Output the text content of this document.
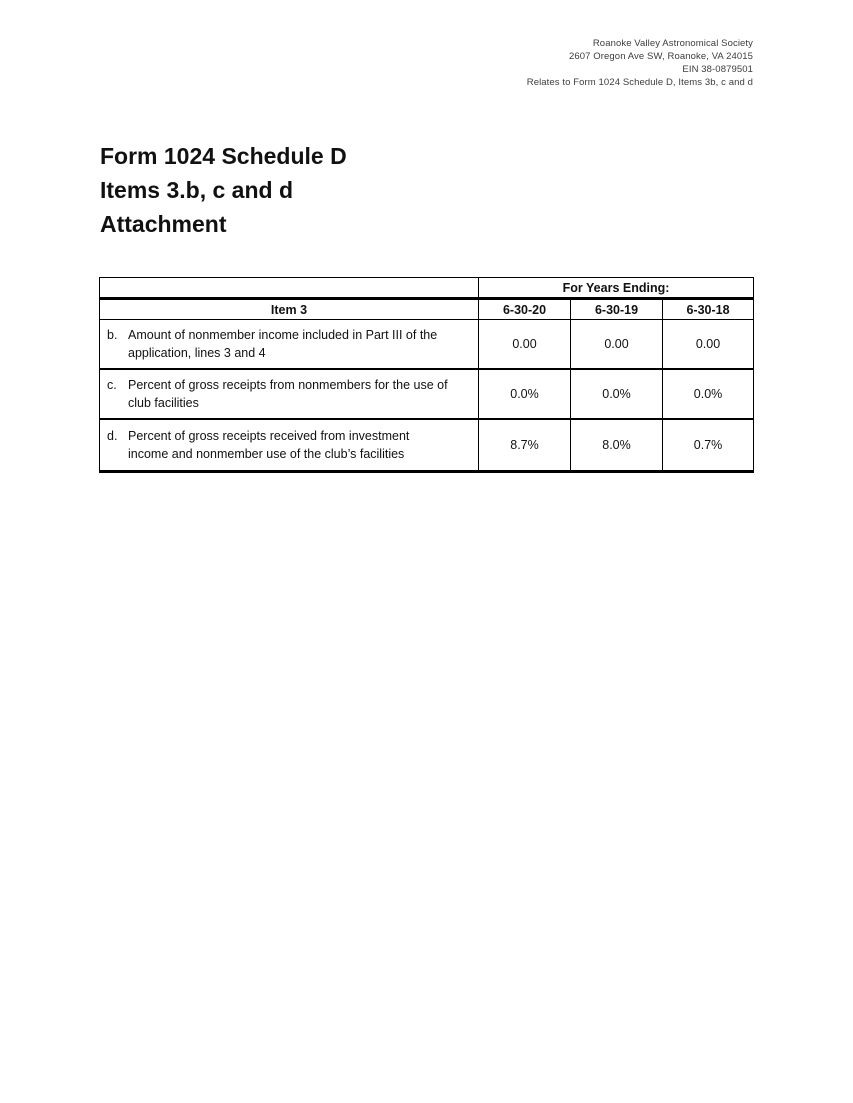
Roanoke Valley Astronomical Society
2607 Oregon Ave SW, Roanoke, VA 24015
EIN 38-0879501
Relates to Form 1024 Schedule D, Items 3b, c and d
Form 1024 Schedule D
Items 3.b, c and d
Attachment
	For Years Ending:		
Item 3	6-30-20	6-30-19	6-30-18

b. Amount of nonmember income included in Part III of the application, lines 3 and 4	0.00	0.00	0.00

c. Percent of gross receipts from nonmembers for the use of club facilities	0.0%	0.0%	0.0%

d. Percent of gross receipts received from investment income and nonmember use of the club’s facilities	8.7%	8.0%	0.7%
